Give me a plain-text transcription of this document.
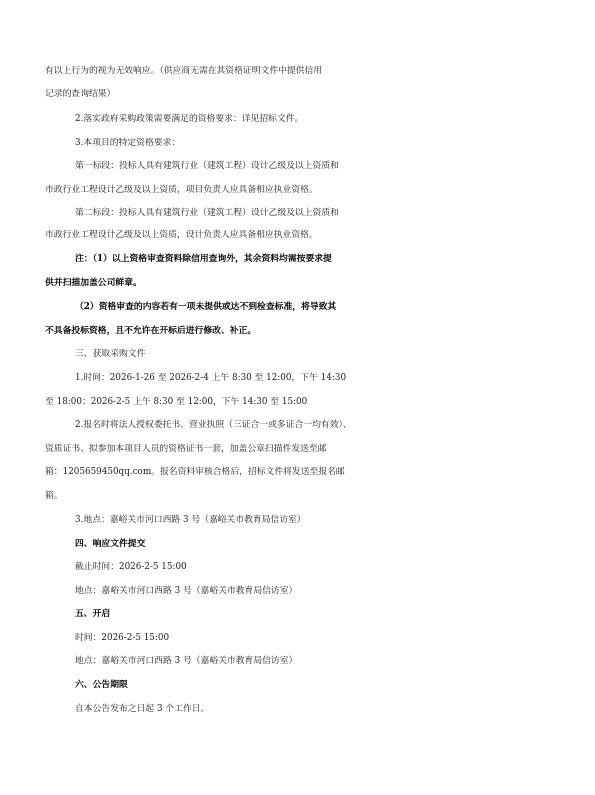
有以上行为的视为无效响应。（供应商无需在其资格证明文件中提供信用
记录的查询结果）
2.落实政府采购政策需要满足的资格要求：详见招标文件。
3.本项目的特定资格要求：
第一标段：投标人具有建筑行业（建筑工程）设计乙级及以上资质和
市政行业工程设计乙级及以上资质，项目负责人应具备相应执业资格。
第二标段：投标人具有建筑行业（建筑工程）设计乙级及以上资质和
市政行业工程设计乙级及以上资质，设计负责人应具备相应执业资格。
注：（1）以上资格审查资料除信用查询外，其余资料均需按要求提
供并扫描加盖公司鲜章。
（2）资格审查的内容若有一项未提供或达不到检查标准，将导致其
不具备投标资格，且不允许在开标后进行修改、补正。
三、获取采购文件
1.时间：2026-1-26 至 2026-2-4 上午 8:30 至 12:00，下午 14:30
至 18:00；2026-2-5 上午 8:30 至 12:00，下午 14:30 至 15:00
2.报名时将法人授权委托书、营业执照（三证合一或多证合一均有效）、
资质证书、拟参加本项目人员的资格证书一套，加盖公章扫描件发送至邮
箱：1205659450qq.com。报名资料审核合格后，招标文件将发送至报名邮
箱。
3.地点：嘉峪关市河口西路 3 号（嘉峪关市教育局信访室）
四、响应文件提交
截止时间：2026-2-5 15:00
地点：嘉峪关市河口西路 3 号（嘉峪关市教育局信访室）
五、开启
时间：2026-2-5 15:00
地点：嘉峪关市河口西路 3 号（嘉峪关市教育局信访室）
六、公告期限
自本公告发布之日起 3 个工作日。
